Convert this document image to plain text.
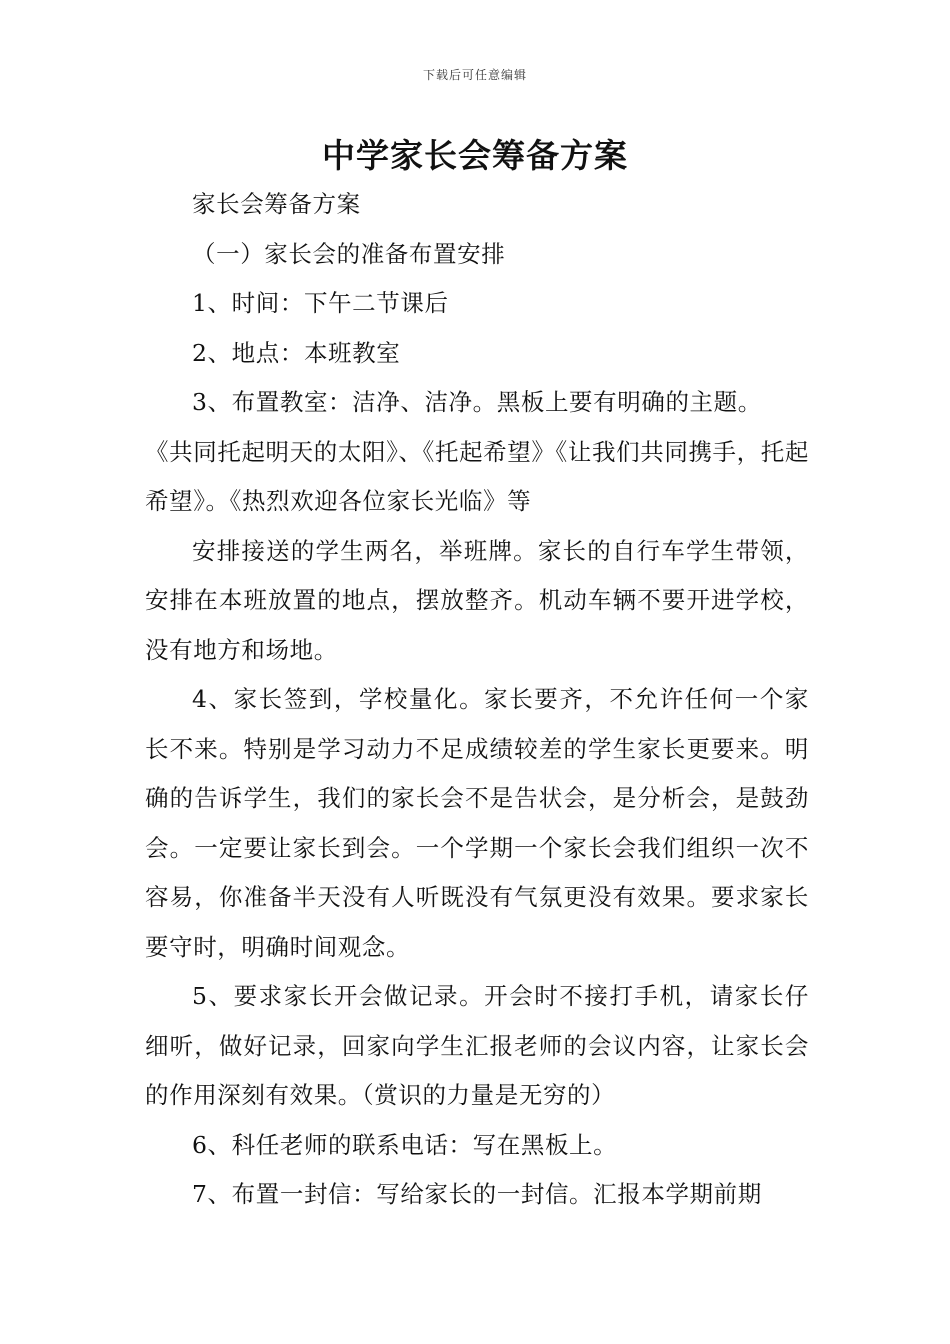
下载后可任意编辑
中学家长会筹备方案

家长会筹备方案

（一）家长会的准备布置安排

1、时间：下午二节课后

2、地点：本班教室

3、布置教室：洁净、洁净。黑板上要有明确的主题。

《共同托起明天的太阳》、《托起希望》《让我们共同携手，托起希望》。《热烈欢迎各位家长光临》等

安排接送的学生两名，举班牌。家长的自行车学生带领，安排在本班放置的地点，摆放整齐。机动车辆不要开进学校，没有地方和场地。

4、家长签到，学校量化。家长要齐，不允许任何一个家长不来。特别是学习动力不足成绩较差的学生家长更要来。明确的告诉学生，我们的家长会不是告状会，是分析会，是鼓劲会。一定要让家长到会。一个学期一个家长会我们组织一次不容易，你准备半天没有人听既没有气氛更没有效果。要求家长要守时，明确时间观念。

5、要求家长开会做记录。开会时不接打手机，请家长仔细听，做好记录，回家向学生汇报老师的会议内容，让家长会的作用深刻有效果。（赏识的力量是无穷的）

6、科任老师的联系电话：写在黑板上。

7、布置一封信：写给家长的一封信。汇报本学期前期
